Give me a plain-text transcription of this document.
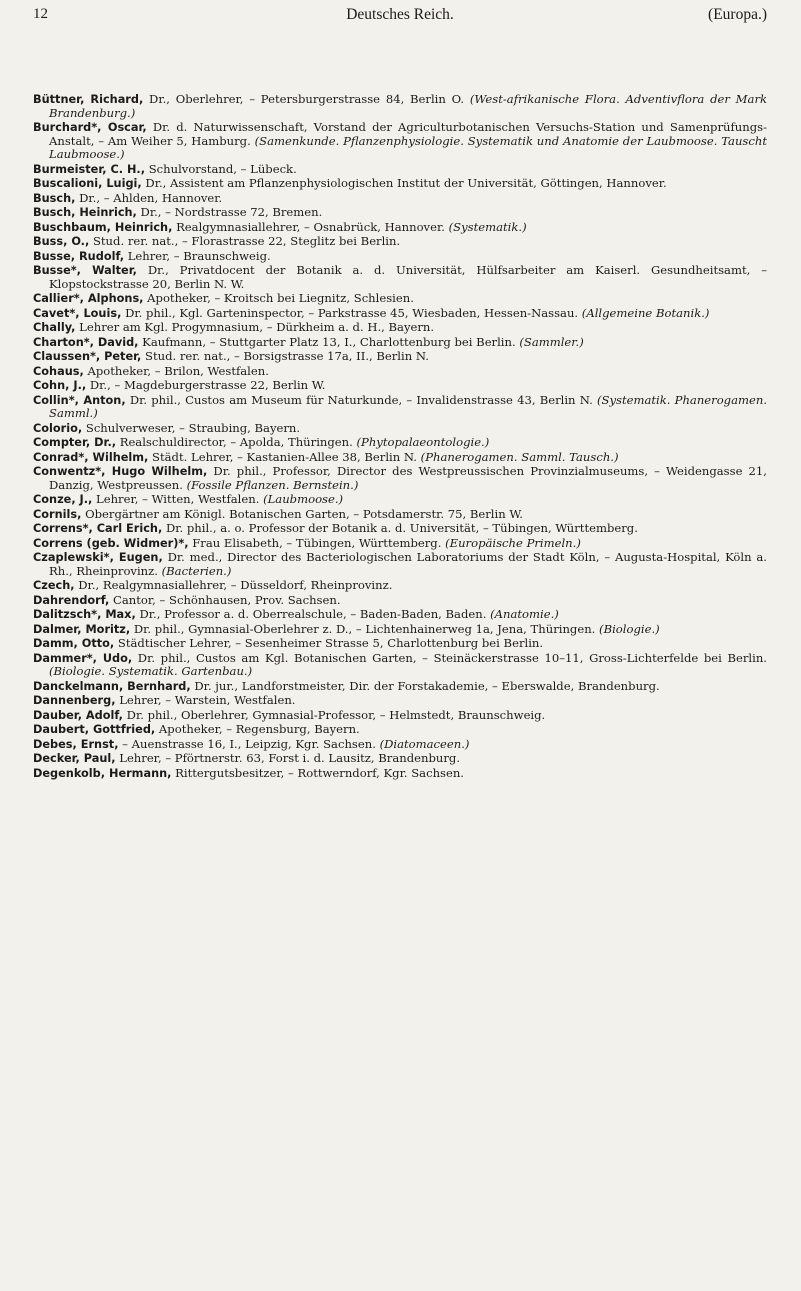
12	Deutsches Reich.	(Europa.)

Büttner, Richard, Dr., Oberlehrer, – Petersburgerstrasse 84, Berlin O. (West-afrikanische Flora. Adventivflora der Mark Brandenburg.)

Burchard*, Oscar, Dr. d. Naturwissenschaft, Vorstand der Agriculturbotanischen Versuchs-Station und Samenprüfungs-Anstalt, – Am Weiher 5, Hamburg. (Samenkunde. Pflanzenphysiologie. Systematik und Anatomie der Laubmoose. Tauscht Laubmoose.)

Burmeister, C. H., Schulvorstand, – Lübeck.

Buscalioni, Luigi, Dr., Assistent am Pflanzenphysiologischen Institut der Universität, Göttingen, Hannover.

Busch, Dr., – Ahlden, Hannover.

Busch, Heinrich, Dr., – Nordstrasse 72, Bremen.

Buschbaum, Heinrich, Realgymnasiallehrer, – Osnabrück, Hannover. (Systematik.)

Buss, O., Stud. rer. nat., – Florastrasse 22, Steglitz bei Berlin.

Busse, Rudolf, Lehrer, – Braunschweig.

Busse*, Walter, Dr., Privatdocent der Botanik a. d. Universität, Hülfsarbeiter am Kaiserl. Gesundheitsamt, – Klopstockstrasse 20, Berlin N. W.

Callier*, Alphons, Apotheker, – Kroitsch bei Liegnitz, Schlesien.

Cavet*, Louis, Dr. phil., Kgl. Garteninspector, – Parkstrasse 45, Wiesbaden, Hessen-Nassau. (Allgemeine Botanik.)

Chally, Lehrer am Kgl. Progymnasium, – Dürkheim a. d. H., Bayern.

Charton*, David, Kaufmann, – Stuttgarter Platz 13, I., Charlottenburg bei Berlin. (Sammler.)

Claussen*, Peter, Stud. rer. nat., – Borsigstrasse 17a, II., Berlin N.

Cohaus, Apotheker, – Brilon, Westfalen.

Cohn, J., Dr., – Magdeburgerstrasse 22, Berlin W.

Collin*, Anton, Dr. phil., Custos am Museum für Naturkunde, – Invalidenstrasse 43, Berlin N. (Systematik. Phanerogamen. Samml.)

Colorio, Schulverweser, – Straubing, Bayern.

Compter, Dr., Realschuldirector, – Apolda, Thüringen. (Phytopalaeontologie.)

Conrad*, Wilhelm, Städt. Lehrer, – Kastanien-Allee 38, Berlin N. (Phanerogamen. Samml. Tausch.)

Conwentz*, Hugo Wilhelm, Dr. phil., Professor, Director des Westpreussischen Provinzialmuseums, – Weidengasse 21, Danzig, Westpreussen. (Fossile Pflanzen. Bernstein.)

Conze, J., Lehrer, – Witten, Westfalen. (Laubmoose.)

Cornils, Obergärtner am Königl. Botanischen Garten, – Potsdamerstr. 75, Berlin W.

Correns*, Carl Erich, Dr. phil., a. o. Professor der Botanik a. d. Universität, – Tübingen, Württemberg.

Correns (geb. Widmer)*, Frau Elisabeth, – Tübingen, Württemberg. (Europäische Primeln.)

Czaplewski*, Eugen, Dr. med., Director des Bacteriologischen Laboratoriums der Stadt Köln, – Augusta-Hospital, Köln a. Rh., Rheinprovinz. (Bacterien.)

Czech, Dr., Realgymnasiallehrer, – Düsseldorf, Rheinprovinz.

Dahrendorf, Cantor, – Schönhausen, Prov. Sachsen.

Dalitzsch*, Max, Dr., Professor a. d. Oberrealschule, – Baden-Baden, Baden. (Anatomie.)

Dalmer, Moritz, Dr. phil., Gymnasial-Oberlehrer z. D., – Lichtenhainerweg 1a, Jena, Thüringen. (Biologie.)

Damm, Otto, Städtischer Lehrer, – Sesenheimer Strasse 5, Charlottenburg bei Berlin.

Dammer*, Udo, Dr. phil., Custos am Kgl. Botanischen Garten, – Steinäckerstrasse 10–11, Gross-Lichterfelde bei Berlin. (Biologie. Systematik. Gartenbau.)

Danckelmann, Bernhard, Dr. jur., Landforstmeister, Dir. der Forstakademie, – Eberswalde, Brandenburg.

Dannenberg, Lehrer, – Warstein, Westfalen.

Dauber, Adolf, Dr. phil., Oberlehrer, Gymnasial-Professor, – Helmstedt, Braunschweig.

Daubert, Gottfried, Apotheker, – Regensburg, Bayern.

Debes, Ernst, – Auenstrasse 16, I., Leipzig, Kgr. Sachsen. (Diatomaceen.)

Decker, Paul, Lehrer, – Pförtnerstr. 63, Forst i. d. Lausitz, Brandenburg.

Degenkolb, Hermann, Rittergutsbesitzer, – Rottwerndorf, Kgr. Sachsen.
